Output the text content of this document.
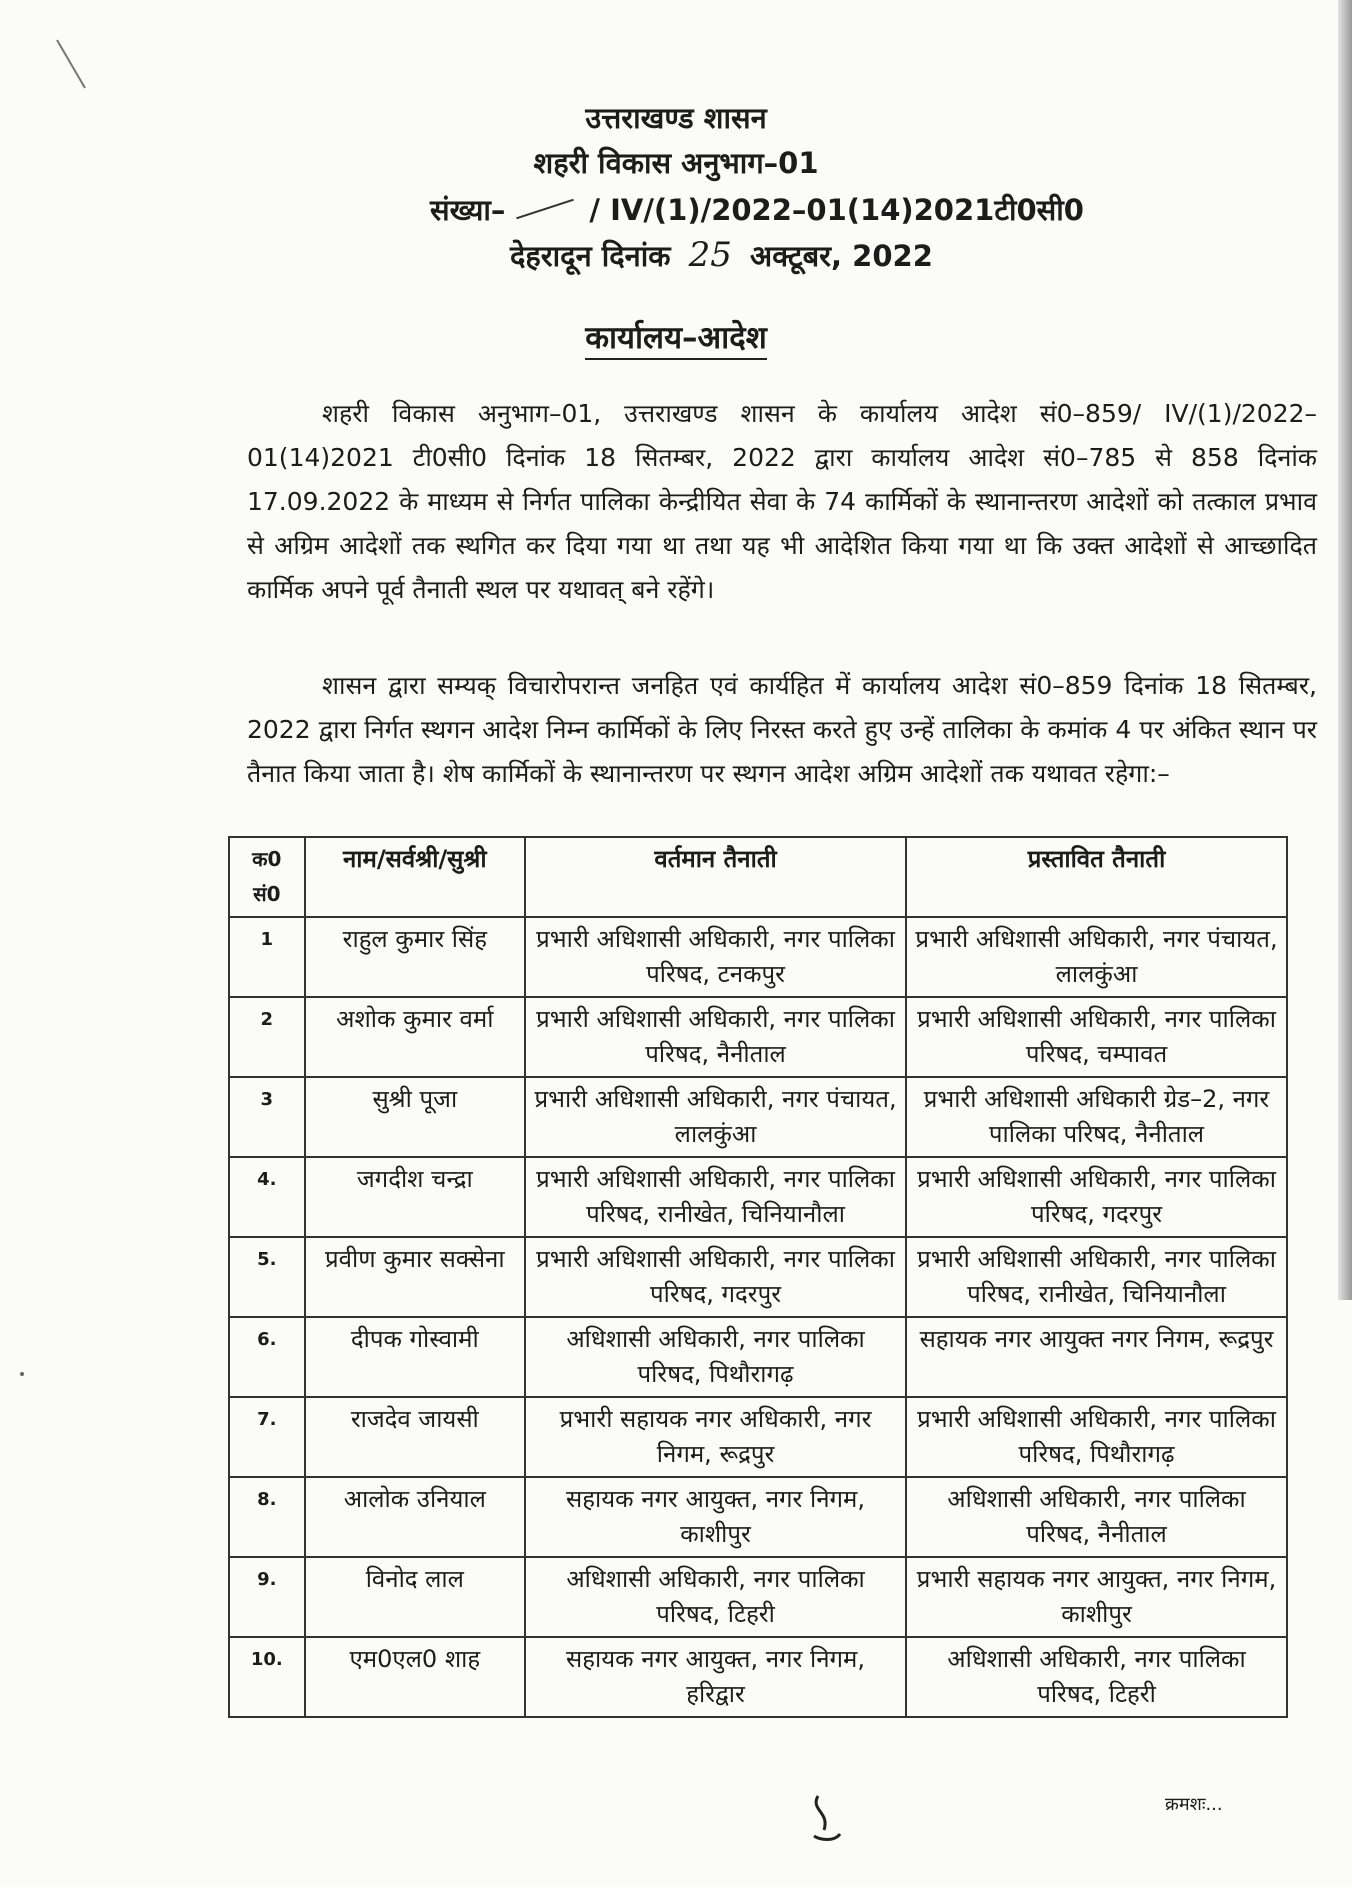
उत्तराखण्ड शासन
शहरी विकास अनुभाग–01
संख्या–	/ IV/(1)/2022–01(14)2021टी0सी0
देहरादून दिनांक 25 अक्टूबर, 2022
कार्यालय–आदेश
शहरी विकास अनुभाग–01, उत्तराखण्ड शासन के कार्यालय आदेश सं0–859/ IV/(1)/2022–01(14)2021 टी0सी0 दिनांक 18 सितम्बर, 2022 द्वारा कार्यालय आदेश सं0–785 से 858 दिनांक 17.09.2022 के माध्यम से निर्गत पालिका केन्द्रीयित सेवा के 74 कार्मिकों के स्थानान्तरण आदेशों को तत्काल प्रभाव से अग्रिम आदेशों तक स्थगित कर दिया गया था तथा यह भी आदेशित किया गया था कि उक्त आदेशों से आच्छादित कार्मिक अपने पूर्व तैनाती स्थल पर यथावत् बने रहेंगे।
शासन द्वारा सम्यक् विचारोपरान्त जनहित एवं कार्यहित में कार्यालय आदेश सं0–859 दिनांक 18 सितम्बर, 2022 द्वारा निर्गत स्थगन आदेश निम्न कार्मिकों के लिए निरस्त करते हुए उन्हें तालिका के कमांक 4 पर अंकित स्थान पर तैनात किया जाता है। शेष कार्मिकों के स्थानान्तरण पर स्थगन आदेश अग्रिम आदेशों तक यथावत रहेगा:–
क0 सं0	नाम/सर्वश्री/सुश्री	वर्तमान तैनाती	प्रस्तावित तैनाती
1	राहुल कुमार सिंह	प्रभारी अधिशासी अधिकारी, नगर पालिका परिषद, टनकपुर	प्रभारी अधिशासी अधिकारी, नगर पंचायत, लालकुंआ
2	अशोक कुमार वर्मा	प्रभारी अधिशासी अधिकारी, नगर पालिका परिषद, नैनीताल	प्रभारी अधिशासी अधिकारी, नगर पालिका परिषद, चम्पावत
3	सुश्री पूजा	प्रभारी अधिशासी अधिकारी, नगर पंचायत, लालकुंआ	प्रभारी अधिशासी अधिकारी ग्रेड–2, नगर पालिका परिषद, नैनीताल
4.	जगदीश चन्द्रा	प्रभारी अधिशासी अधिकारी, नगर पालिका परिषद, रानीखेत, चिनियानौला	प्रभारी अधिशासी अधिकारी, नगर पालिका परिषद, गदरपुर
5.	प्रवीण कुमार सक्सेना	प्रभारी अधिशासी अधिकारी, नगर पालिका परिषद, गदरपुर	प्रभारी अधिशासी अधिकारी, नगर पालिका परिषद, रानीखेत, चिनियानौला
6.	दीपक गोस्वामी	अधिशासी अधिकारी, नगर पालिका परिषद, पिथौरागढ़	सहायक नगर आयुक्त नगर निगम, रूद्रपुर
7.	राजदेव जायसी	प्रभारी सहायक नगर अधिकारी, नगर निगम, रूद्रपुर	प्रभारी अधिशासी अधिकारी, नगर पालिका परिषद, पिथौरागढ़
8.	आलोक उनियाल	सहायक नगर आयुक्त, नगर निगम, काशीपुर	अधिशासी अधिकारी, नगर पालिका परिषद, नैनीताल
9.	विनोद लाल	अधिशासी अधिकारी, नगर पालिका परिषद, टिहरी	प्रभारी सहायक नगर आयुक्त, नगर निगम, काशीपुर
10.	एम0एल0 शाह	सहायक नगर आयुक्त, नगर निगम, हरिद्वार	अधिशासी अधिकारी, नगर पालिका परिषद, टिहरी
क्रमशः...
